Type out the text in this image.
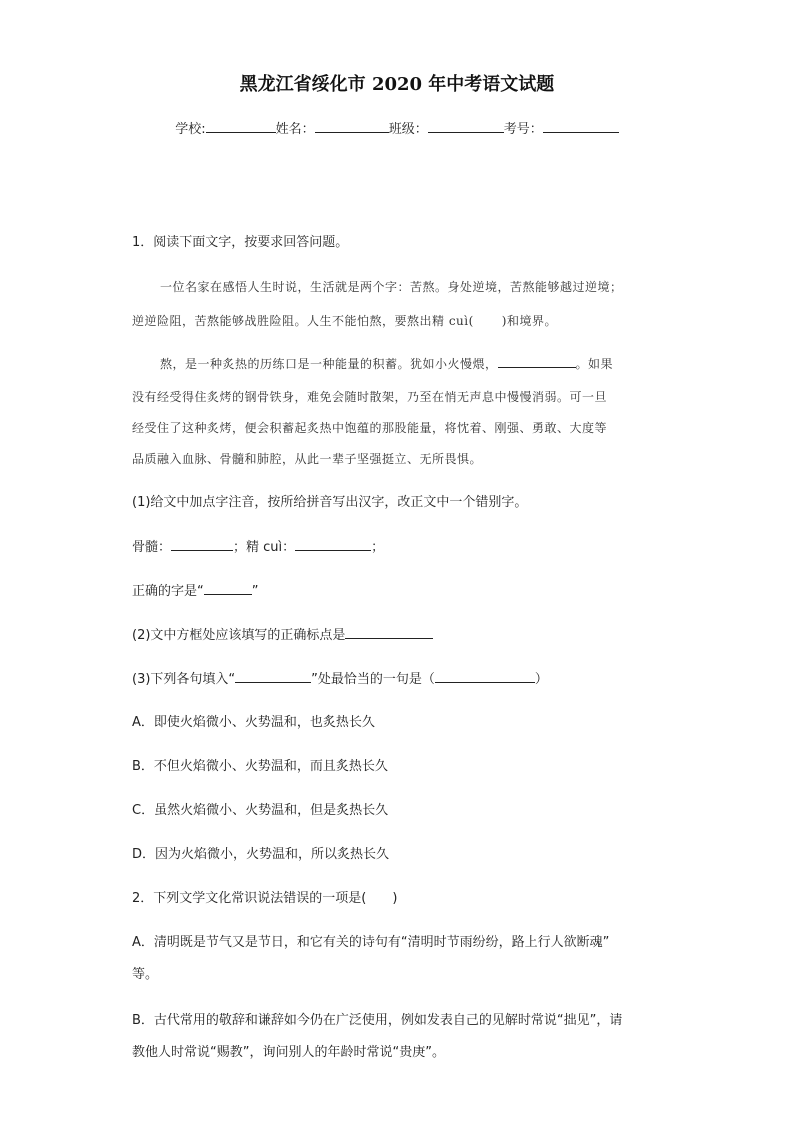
黑龙江省绥化市 2020 年中考语文试题
学校:	姓名：	班级：	考号：
1．阅读下面文字，按要求回答问题。
一位名家在感悟人生时说，生活就是两个字：苦熬。身处逆境，苦熬能够越过逆境；
逆逆险阻，苦熬能够战胜险阻。人生不能怕熬，要熬出精 cuì( )和境界。
熬，是一种炙热的历练口是一种能量的积蓄。犹如小火慢煨，	。如果
没有经受得住炙烤的钢骨铁身，难免会随时散架，乃至在悄无声息中慢慢消弱。可一旦
经受住了这种炙烤，便会积蓄起炙热中饱蕴的那股能量，将忱着、刚强、勇敢、大度等
品质融入血脉、骨髓和肺腔，从此一辈子坚强挺立、无所畏惧。
(1)给文中加点字注音，按所给拼音写出汉字，改正文中一个错别字。
骨髓：	；精 cuì：	；
正确的字是“	”
(2)文中方框处应该填写的正确标点是
(3)下列各句填入“	”处最恰当的一句是（	）
A．即使火焰微小、火势温和，也炙热长久
B．不但火焰微小、火势温和，而且炙热长久
C．虽然火焰微小、火势温和，但是炙热长久
D．因为火焰微小，火势温和，所以炙热长久
2．下列文学文化常识说法错误的一项是(　　)
A．清明既是节气又是节日，和它有关的诗句有“清明时节雨纷纷，路上行人欲断魂”
等。
B．古代常用的敬辞和谦辞如今仍在广泛使用，例如发表自己的见解时常说“拙见”，请
教他人时常说“赐教”，询问别人的年龄时常说“贵庚”。
